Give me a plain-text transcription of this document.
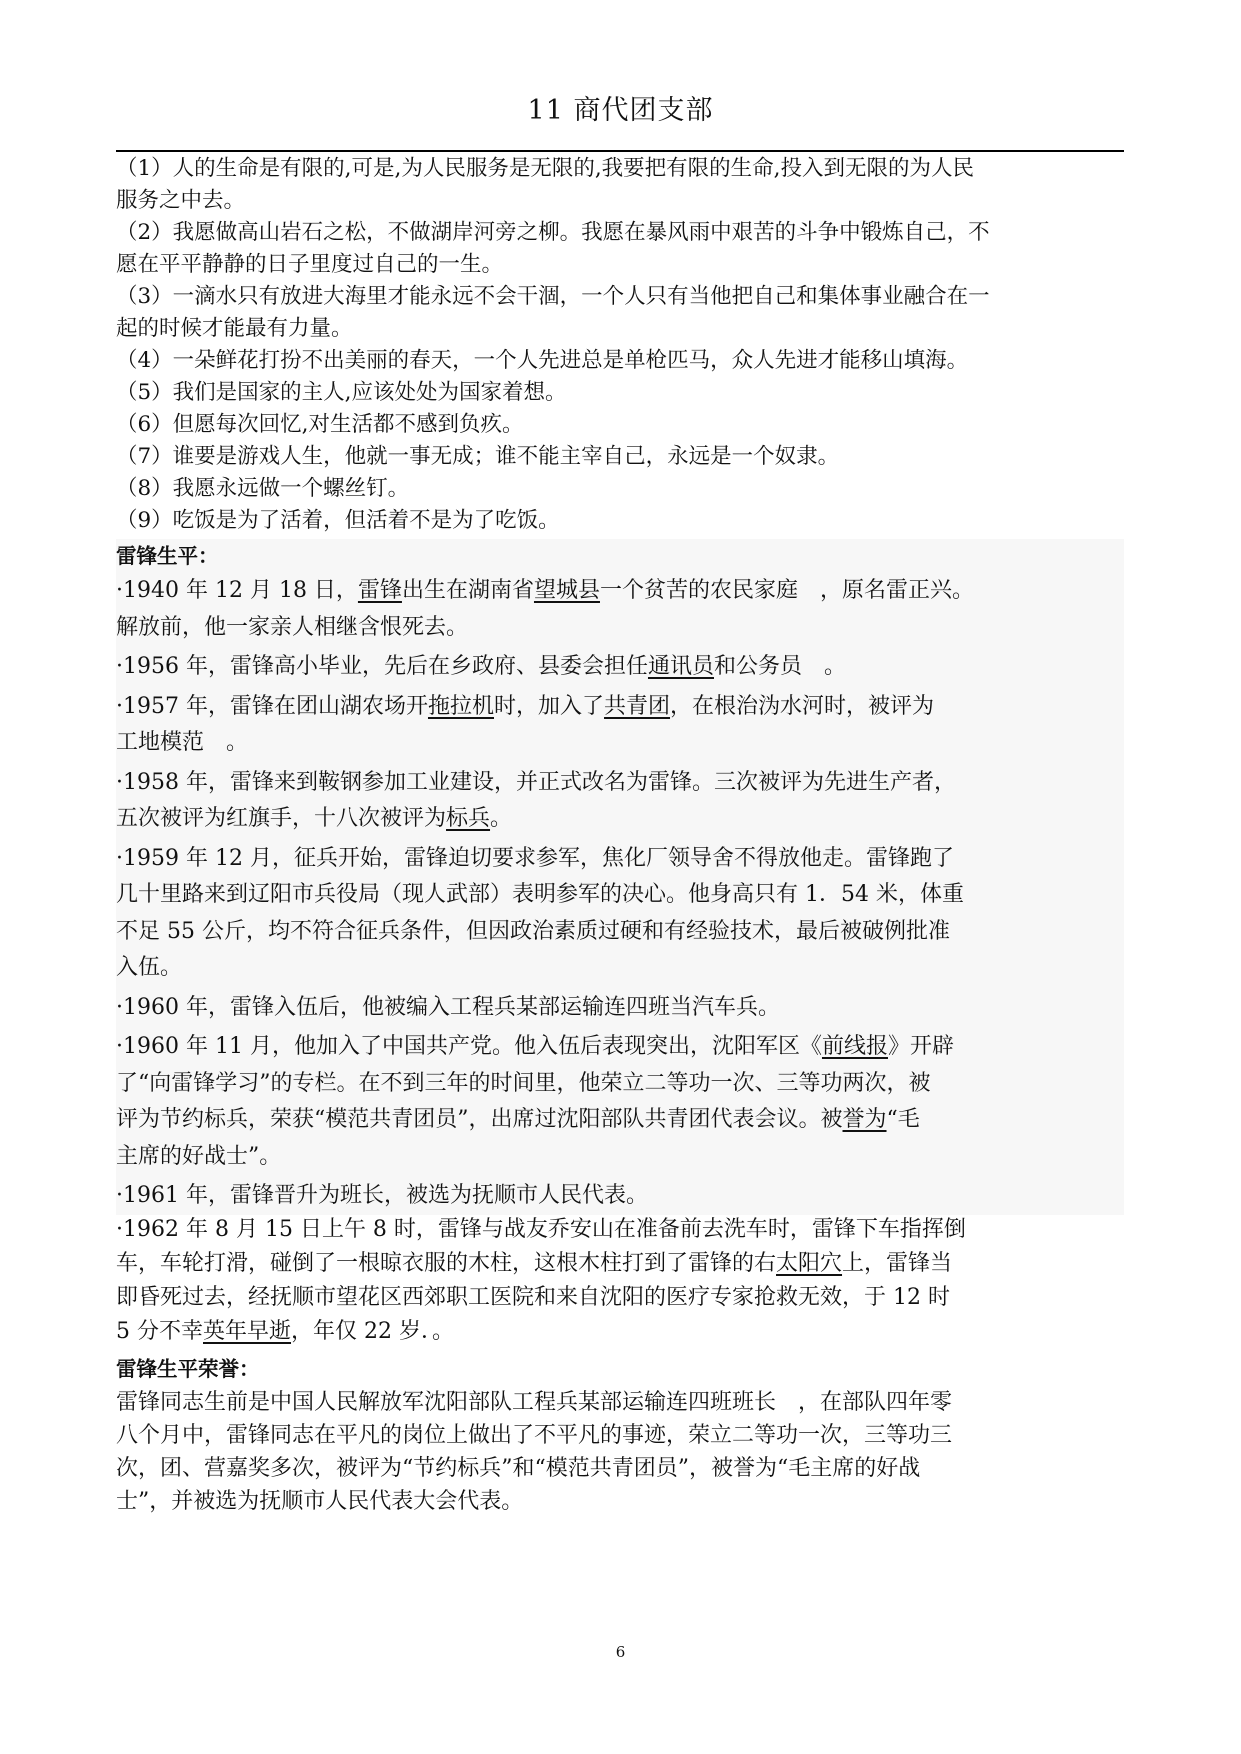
11 商代团支部
（1）人的生命是有限的,可是,为人民服务是无限的,我要把有限的生命,投入到无限的为人民
服务之中去。
（2）我愿做高山岩石之松，不做湖岸河旁之柳。我愿在暴风雨中艰苦的斗争中锻炼自己，不
愿在平平静静的日子里度过自己的一生。
（3）一滴水只有放进大海里才能永远不会干涸，一个人只有当他把自己和集体事业融合在一
起的时候才能最有力量。
（4）一朵鲜花打扮不出美丽的春天，一个人先进总是单枪匹马，众人先进才能移山填海。
（5）我们是国家的主人,应该处处为国家着想。
（6）但愿每次回忆,对生活都不感到负疚。
（7）谁要是游戏人生，他就一事无成；谁不能主宰自己，永远是一个奴隶。
（8）我愿永远做一个螺丝钉。
（9）吃饭是为了活着，但活着不是为了吃饭。
雷锋生平：
·1940 年 12 月 18 日，雷锋出生在湖南省望城县一个贫苦的农民家庭　，原名雷正兴。
解放前，他一家亲人相继含恨死去。
·1956 年，雷锋高小毕业，先后在乡政府、县委会担任通讯员和公务员　。
·1957 年，雷锋在团山湖农场开拖拉机时，加入了共青团，在根治沩水河时，被评为
工地模范　。
·1958 年，雷锋来到鞍钢参加工业建设，并正式改名为雷锋。三次被评为先进生产者，
五次被评为红旗手，十八次被评为标兵。
·1959 年 12 月，征兵开始，雷锋迫切要求参军，焦化厂领导舍不得放他走。雷锋跑了
几十里路来到辽阳市兵役局（现人武部）表明参军的决心。他身高只有 1．54 米，体重
不足 55 公斤，均不符合征兵条件，但因政治素质过硬和有经验技术，最后被破例批准
入伍。
·1960 年，雷锋入伍后，他被编入工程兵某部运输连四班当汽车兵。
·1960 年 11 月，他加入了中国共产党。他入伍后表现突出，沈阳军区《前线报》开辟
了“向雷锋学习”的专栏。在不到三年的时间里，他荣立二等功一次、三等功两次，被
评为节约标兵，荣获“模范共青团员”，出席过沈阳部队共青团代表会议。被誉为“毛
主席的好战士”。
·1961 年，雷锋晋升为班长，被选为抚顺市人民代表。
·1962 年 8 月 15 日上午 8 时，雷锋与战友乔安山在准备前去洗车时，雷锋下车指挥倒
车，车轮打滑，碰倒了一根晾衣服的木柱，这根木柱打到了雷锋的右太阳穴上，雷锋当
即昏死过去，经抚顺市望花区西郊职工医院和来自沈阳的医疗专家抢救无效，于 12 时
5 分不幸英年早逝，年仅 22 岁．。
雷锋生平荣誉：
雷锋同志生前是中国人民解放军沈阳部队工程兵某部运输连四班班长　，在部队四年零
八个月中，雷锋同志在平凡的岗位上做出了不平凡的事迹，荣立二等功一次，三等功三
次，团、营嘉奖多次，被评为“节约标兵”和“模范共青团员”，被誉为“毛主席的好战
士”，并被选为抚顺市人民代表大会代表。
6
